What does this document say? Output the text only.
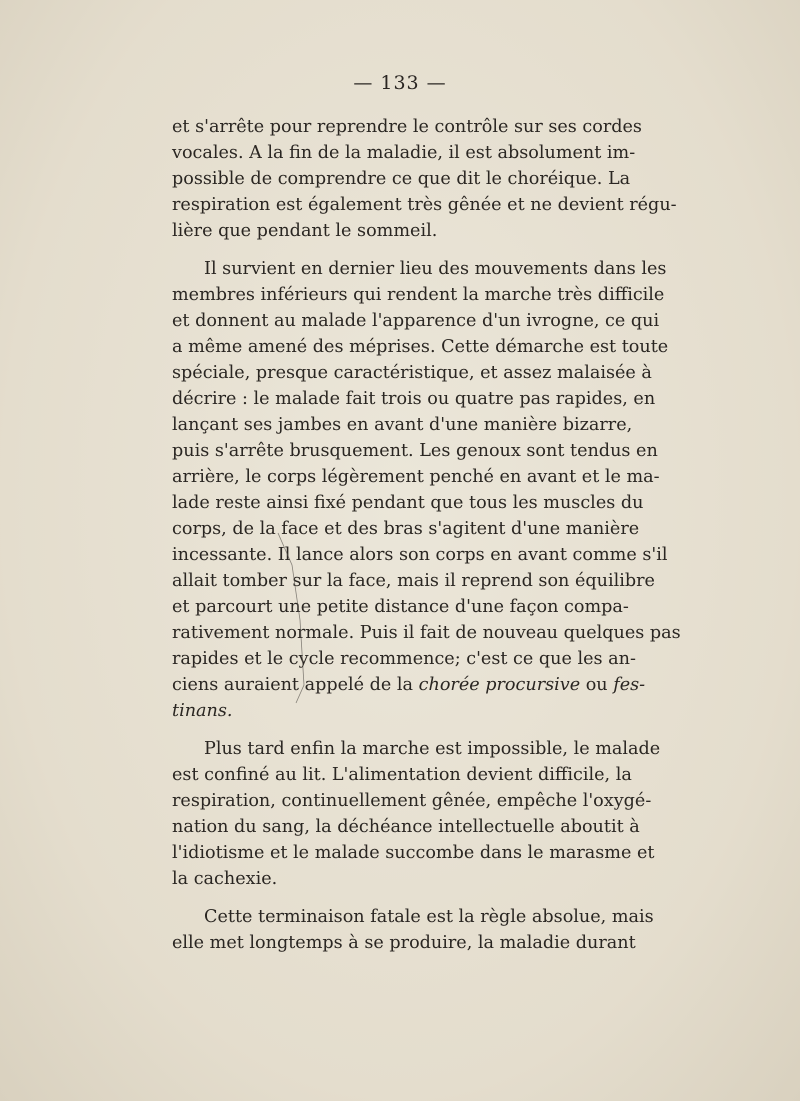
— 133 —
et s'arrête pour reprendre le contrôle sur ses cordes
vocales. A la fin de la maladie, il est absolument im-
possible de comprendre ce que dit le choréique. La
respiration est également très gênée et ne devient régu-
lière que pendant le sommeil.
Il survient en dernier lieu des mouvements dans les
membres inférieurs qui rendent la marche très difficile
et donnent au malade l'apparence d'un ivrogne, ce qui
a même amené des méprises. Cette démarche est toute
spéciale, presque caractéristique, et assez malaisée à
décrire : le malade fait trois ou quatre pas rapides, en
lançant ses jambes en avant d'une manière bizarre,
puis s'arrête brusquement. Les genoux sont tendus en
arrière, le corps légèrement penché en avant et le ma-
lade reste ainsi fixé pendant que tous les muscles du
corps, de la face et des bras s'agitent d'une manière
incessante. Il lance alors son corps en avant comme s'il
allait tomber sur la face, mais il reprend son équilibre
et parcourt une petite distance d'une façon compa-
rativement normale. Puis il fait de nouveau quelques pas
rapides et le cycle recommence; c'est ce que les an-
ciens auraient appelé de la chorée procursive ou fes-
tinans.
Plus tard enfin la marche est impossible, le malade
est confiné au lit. L'alimentation devient difficile, la
respiration, continuellement gênée, empêche l'oxygé-
nation du sang, la déchéance intellectuelle aboutit à
l'idiotisme et le malade succombe dans le marasme et
la cachexie.
Cette terminaison fatale est la règle absolue, mais
elle met longtemps à se produire, la maladie durant
